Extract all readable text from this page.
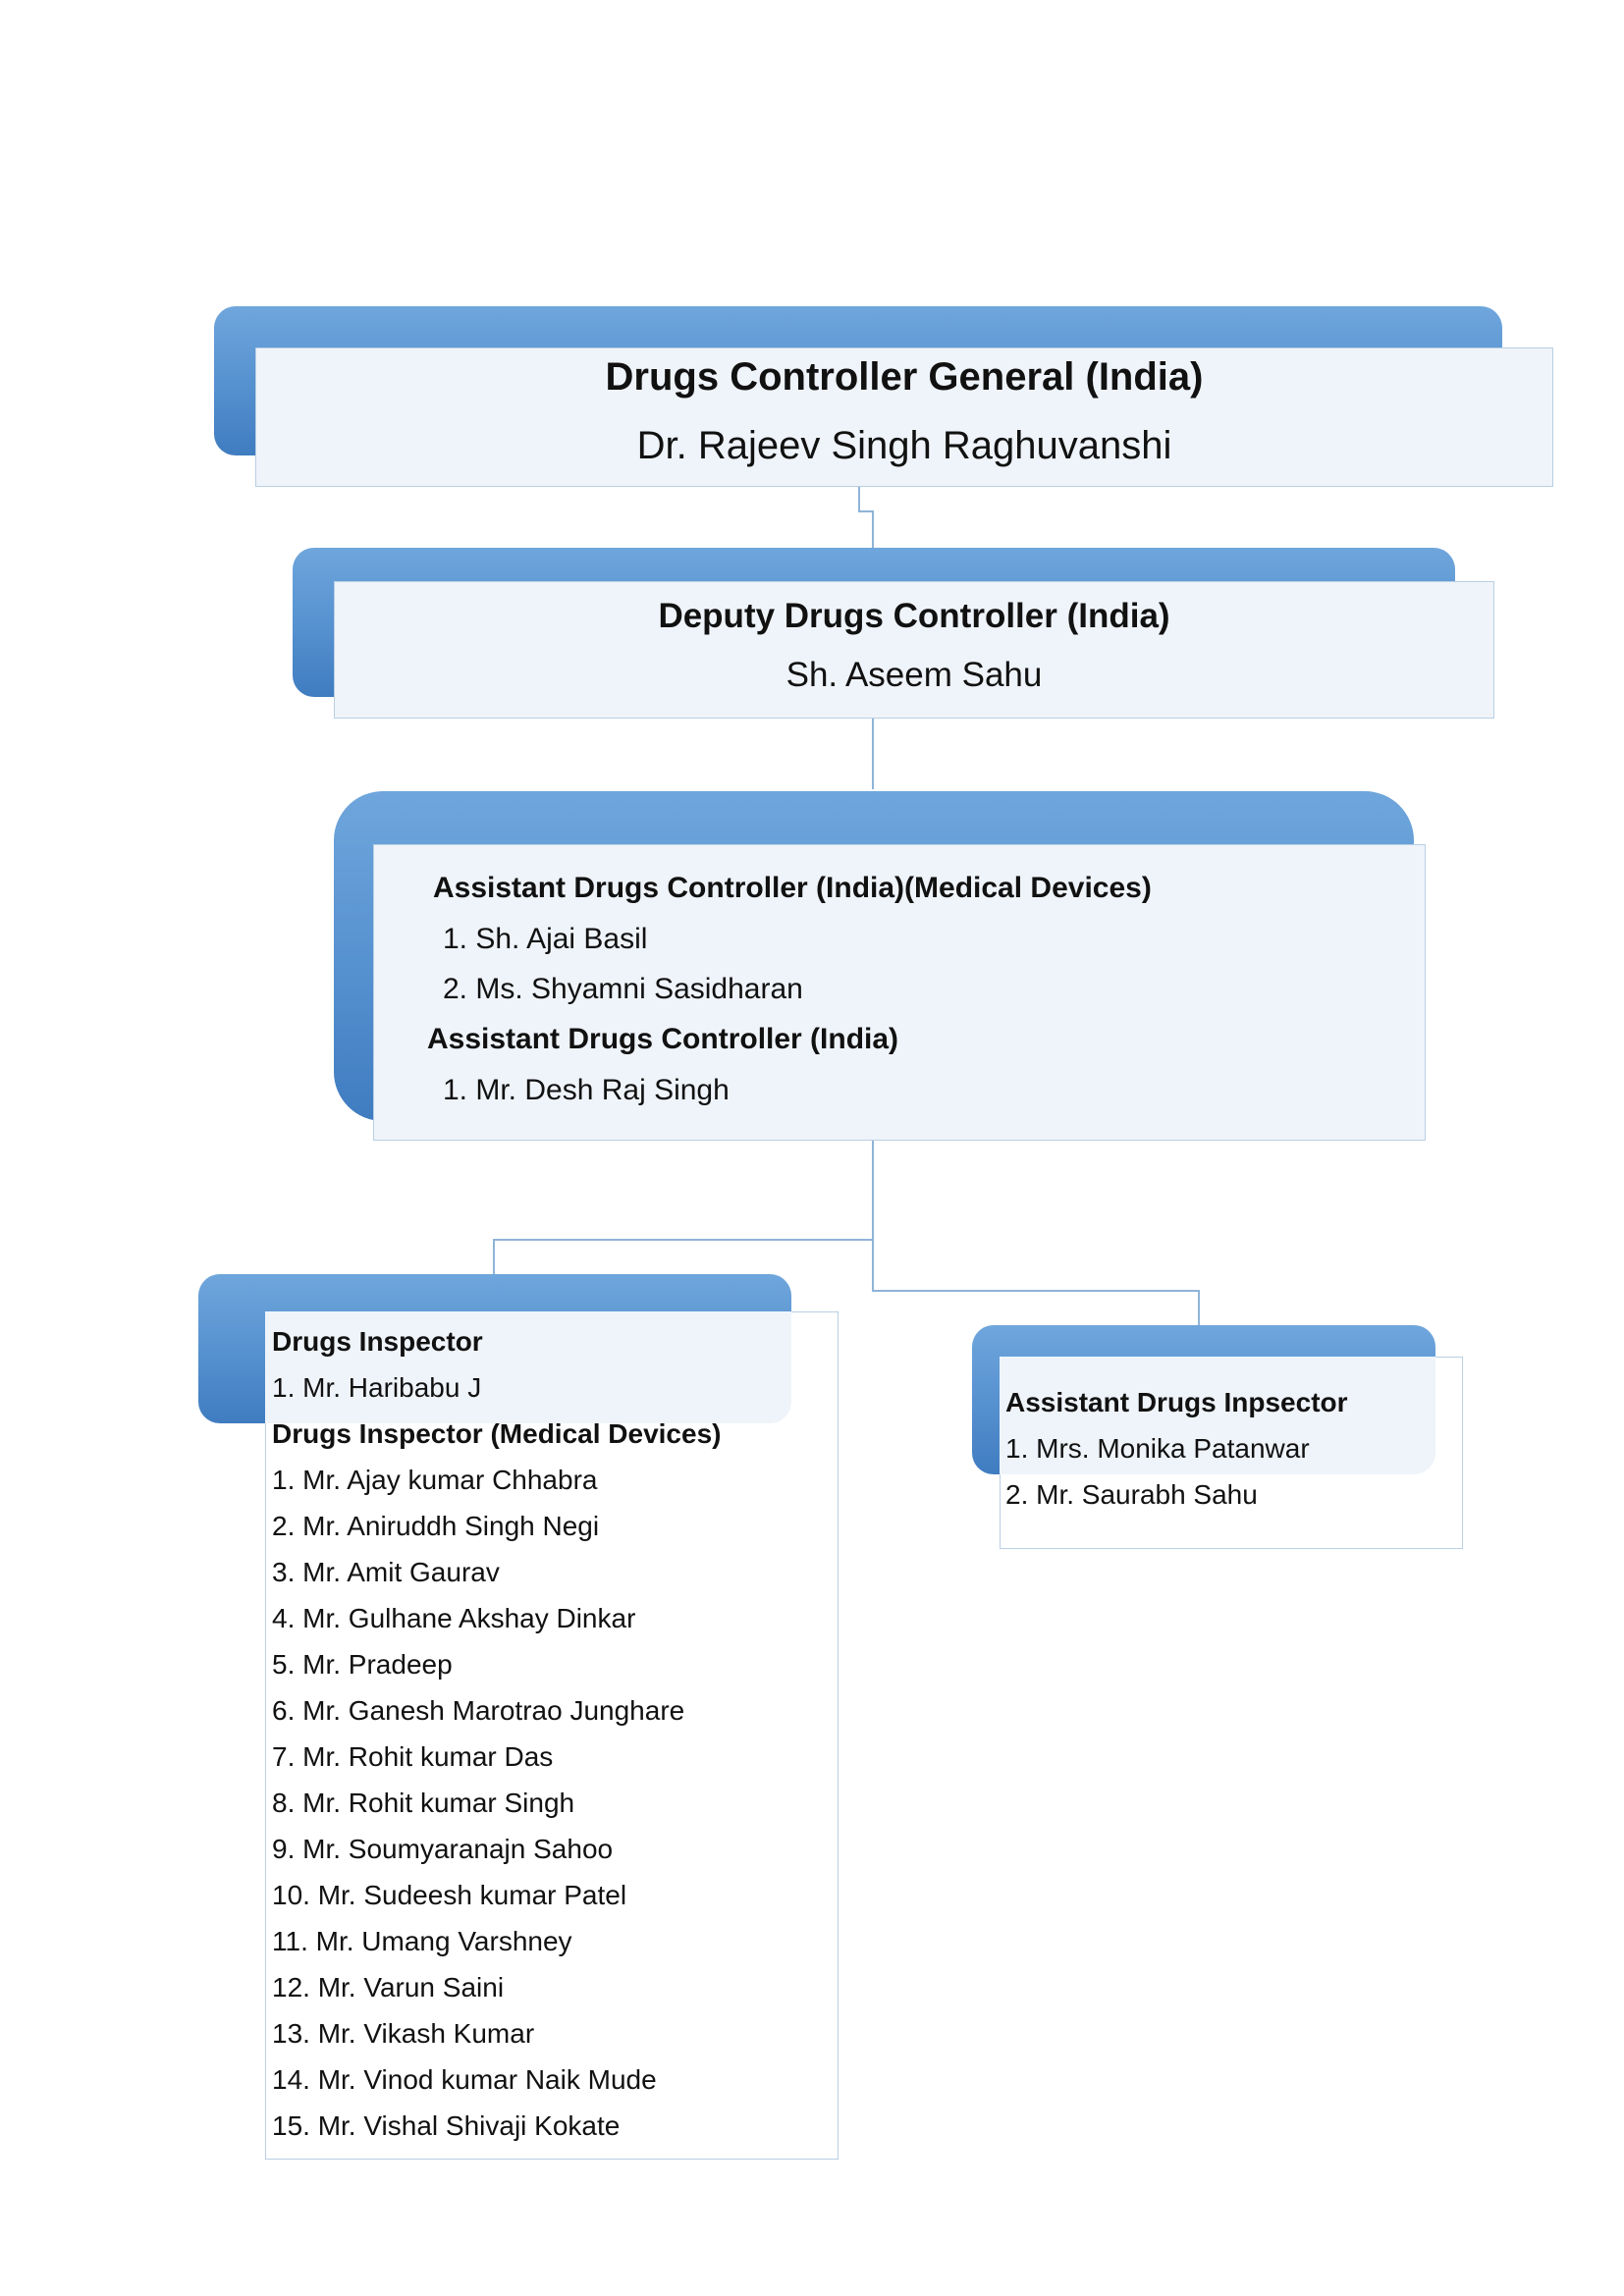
Drugs Controller General (India)
Dr. Rajeev Singh Raghuvanshi
Deputy Drugs Controller (India)
Sh. Aseem Sahu
Assistant Drugs Controller (India)(Medical Devices)
1. Sh. Ajai Basil
2. Ms. Shyamni Sasidharan
Assistant Drugs Controller (India)
1. Mr. Desh Raj Singh
Drugs Inspector
1. Mr. Haribabu J
Drugs Inspector (Medical Devices)
1. Mr. Ajay kumar Chhabra
2. Mr. Aniruddh Singh Negi
3. Mr. Amit Gaurav
4. Mr. Gulhane Akshay Dinkar
5. Mr. Pradeep
6. Mr. Ganesh Marotrao Junghare
7. Mr. Rohit kumar Das
8. Mr. Rohit kumar Singh
9. Mr. Soumyaranajn Sahoo
10. Mr. Sudeesh kumar Patel
11. Mr. Umang Varshney
12. Mr. Varun Saini
13. Mr. Vikash Kumar
14. Mr. Vinod kumar Naik Mude
15. Mr. Vishal Shivaji Kokate
Assistant Drugs Inpsector
1. Mrs. Monika Patanwar
2. Mr. Saurabh Sahu
